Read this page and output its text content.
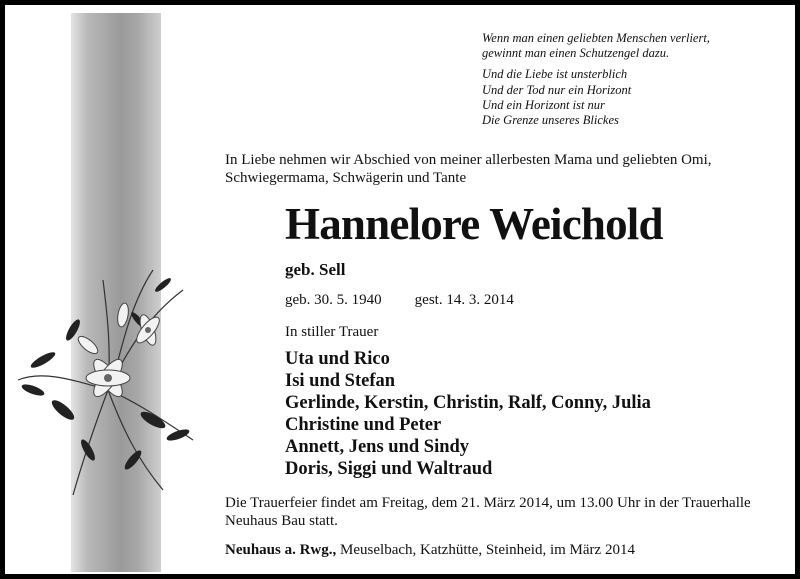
Wenn man einen geliebten Menschen verliert,
gewinnt man einen Schutzengel dazu.
Und die Liebe ist unsterblich
Und der Tod nur ein Horizont
Und ein Horizont ist nur
Die Grenze unseres Blickes
In Liebe nehmen wir Abschied von meiner allerbesten Mama und geliebten Omi, Schwiegermama, Schwägerin und Tante
Hannelore Weichold
geb. Sell
geb. 30. 5. 1940 gest. 14. 3. 2014
In stiller Trauer
Uta und Rico
Isi und Stefan
Gerlinde, Kerstin, Christin, Ralf, Conny, Julia
Christine und Peter
Annett, Jens und Sindy
Doris, Siggi und Waltraud
Die Trauerfeier findet am Freitag, dem 21. März 2014, um 13.00 Uhr in der Trauerhalle Neuhaus Bau statt.
Neuhaus a. Rwg., Meuselbach, Katzhütte, Steinheid, im März 2014
